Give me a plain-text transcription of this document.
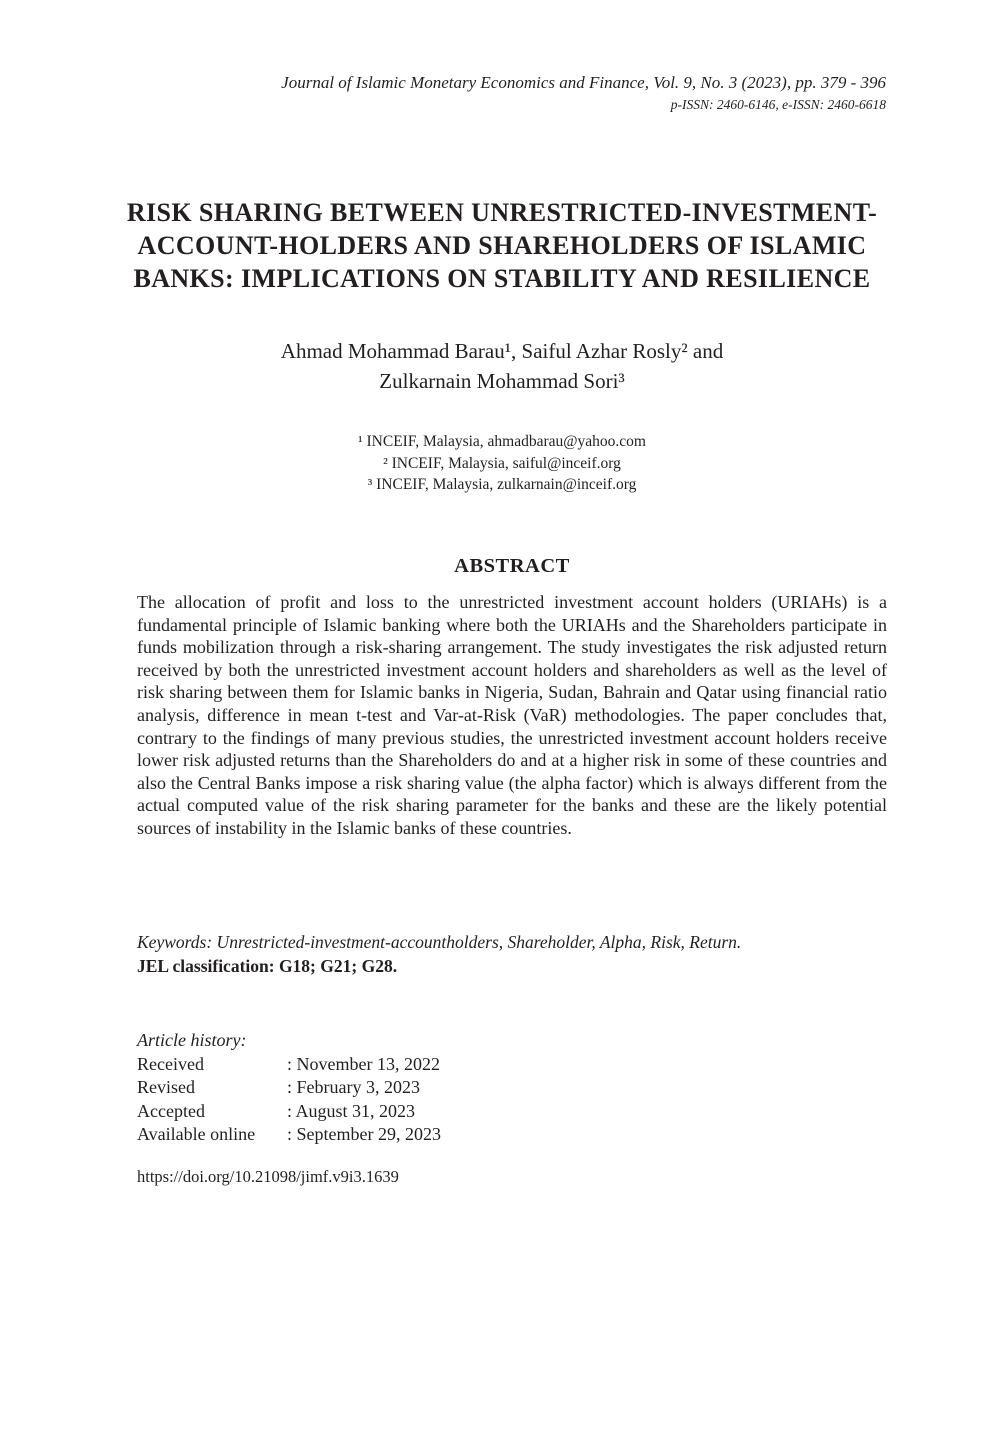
Journal of Islamic Monetary Economics and Finance, Vol. 9, No. 3 (2023), pp. 379 - 396
p-ISSN: 2460-6146, e-ISSN: 2460-6618
RISK SHARING BETWEEN UNRESTRICTED-INVESTMENT-
ACCOUNT-HOLDERS AND SHAREHOLDERS OF ISLAMIC
BANKS: IMPLICATIONS ON STABILITY AND RESILIENCE
Ahmad Mohammad Barau¹, Saiful Azhar Rosly² and
Zulkarnain Mohammad Sori³
¹ INCEIF, Malaysia, ahmadbarau@yahoo.com
² INCEIF, Malaysia, saiful@inceif.org
³ INCEIF, Malaysia, zulkarnain@inceif.org
ABSTRACT

The allocation of profit and loss to the unrestricted investment account holders (URIAHs) is a fundamental principle of Islamic banking where both the URIAHs and the Shareholders participate in funds mobilization through a risk-sharing arrangement. The study investigates the risk adjusted return received by both the unrestricted investment account holders and shareholders as well as the level of risk sharing between them for Islamic banks in Nigeria, Sudan, Bahrain and Qatar using financial ratio analysis, difference in mean t-test and Var-at-Risk (VaR) methodologies. The paper concludes that, contrary to the findings of many previous studies, the unrestricted investment account holders receive lower risk adjusted returns than the Shareholders do and at a higher risk in some of these countries and also the Central Banks impose a risk sharing value (the alpha factor) which is always different from the actual computed value of the risk sharing parameter for the banks and these are the likely potential sources of instability in the Islamic banks of these countries.

Keywords: Unrestricted-investment-accountholders, Shareholder, Alpha, Risk, Return.
JEL classification: G18; G21; G28.
Article history:
Received	: November 13, 2022
Revised	: February 3, 2023
Accepted	: August 31, 2023
Available online	: September 29, 2023
https://doi.org/10.21098/jimf.v9i3.1639
